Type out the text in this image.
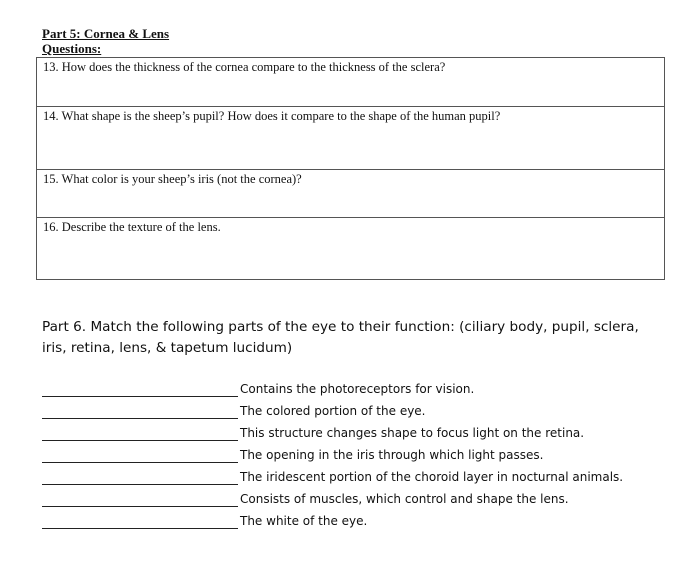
Part 5: Cornea & Lens
Questions:
13. How does the thickness of the cornea compare to the thickness of the sclera?
14. What shape is the sheep’s pupil? How does it compare to the shape of the human pupil?
15. What color is your sheep’s iris (not the cornea)?
16. Describe the texture of the lens.
Part 6. Match the following parts of the eye to their function: (ciliary body, pupil, sclera, iris, retina, lens, & tapetum lucidum)
Contains the photoreceptors for vision.
The colored portion of the eye.
This structure changes shape to focus light on the retina.
The opening in the iris through which light passes.
The iridescent portion of the choroid layer in nocturnal animals.
Consists of muscles, which control and shape the lens.
The white of the eye.
